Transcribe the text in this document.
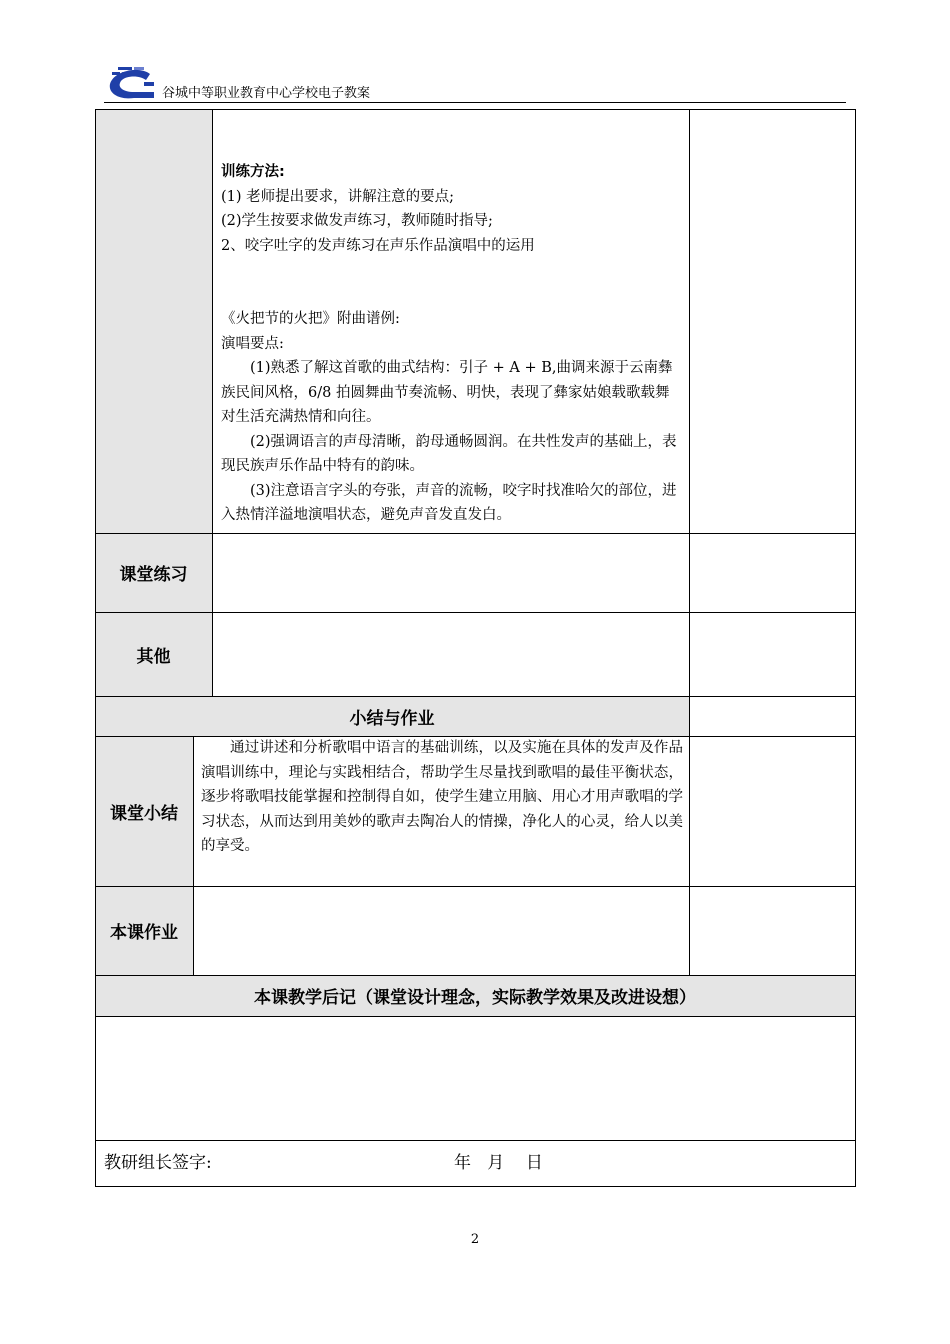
谷城中等职业教育中心学校电子教案

训练方法:

(1) 老师提出要求，讲解注意的要点;

(2)学生按要求做发声练习，教师随时指导;

2、咬字吐字的发声练习在声乐作品演唱中的运用

《火把节的火把》附曲谱例:

演唱要点:

(1)熟悉了解这首歌的曲式结构：引子 + A + B,曲调来源于云南彝族民间风格，6/8 拍圆舞曲节奏流畅、明快，表现了彝家姑娘载歌载舞对生活充满热情和向往。

(2)强调语言的声母清晰，韵母通畅圆润。在共性发声的基础上，表现民族声乐作品中特有的韵味。

(3)注意语言字头的夸张，声音的流畅，咬字时找准哈欠的部位，进入热情洋溢地演唱状态，避免声音发直发白。

课堂练习
其他
小结与作业
课堂小结
通过讲述和分析歌唱中语言的基础训练，以及实施在具体的发声及作品演唱训练中，理论与实践相结合，帮助学生尽量找到歌唱的最佳平衡状态，逐步将歌唱技能掌握和控制得自如，使学生建立用脑、用心才用声歌唱的学习状态，从而达到用美妙的歌声去陶冶人的情操，净化人的心灵，给人以美的享受。
本课作业
本课教学后记（课堂设计理念，实际教学效果及改进设想）
教研组长签字:	年   月    日
2
